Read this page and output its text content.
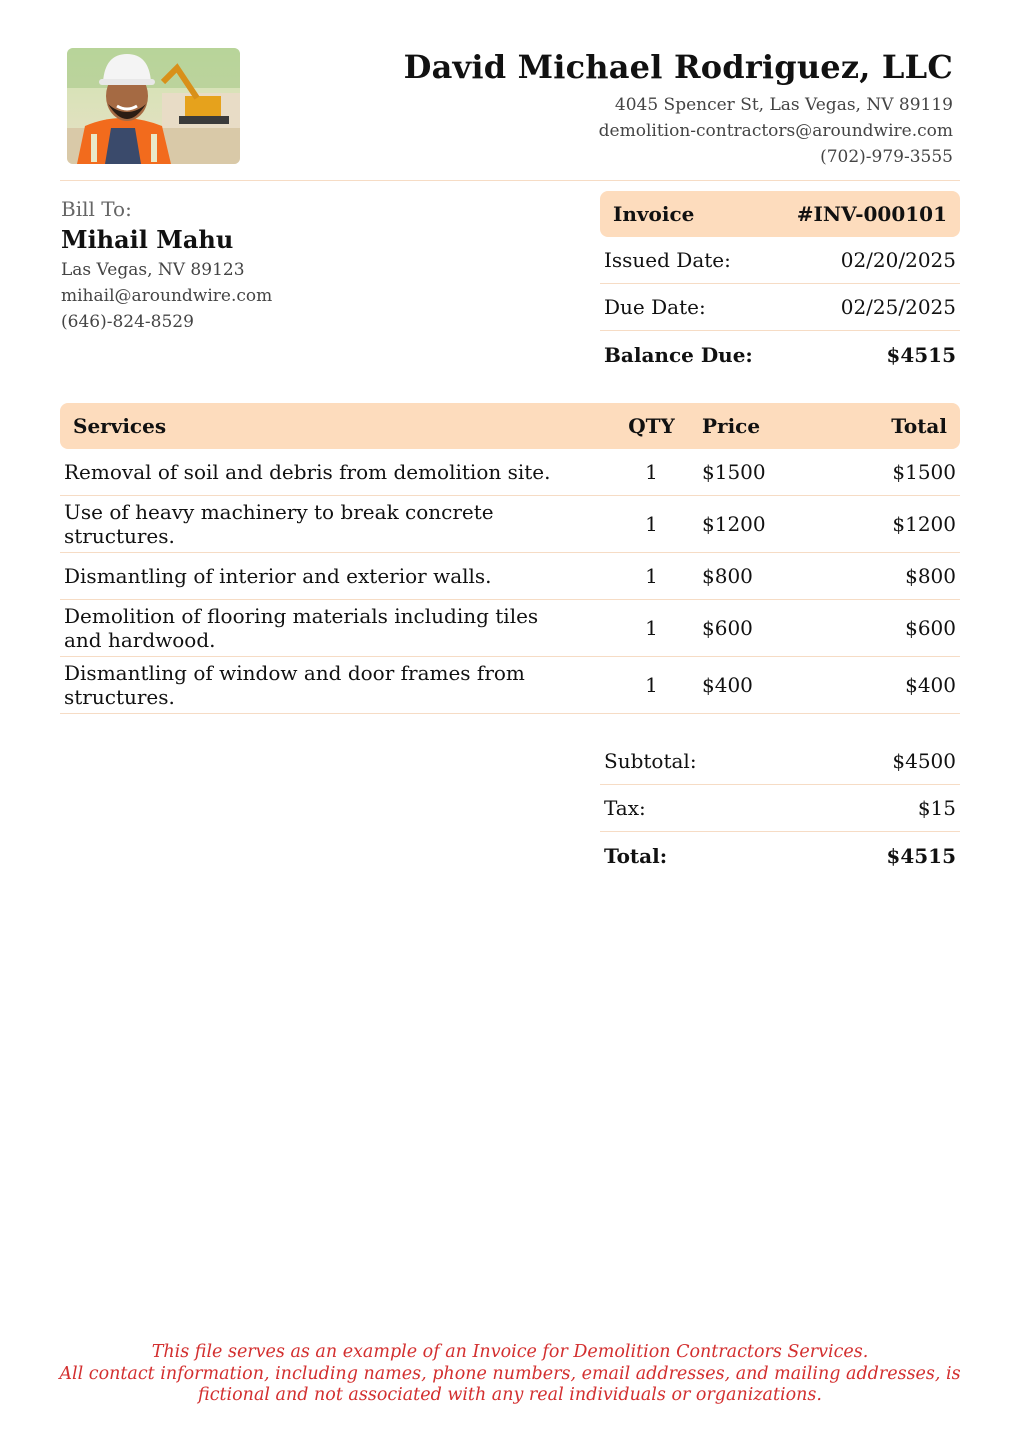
David Michael Rodriguez, LLC
4045 Spencer St, Las Vegas, NV 89119
demolition-contractors@aroundwire.com
(702)-979-3555
Bill To:
Mihail Mahu
Las Vegas, NV 89123
mihail@aroundwire.com
(646)-824-8529
Invoice	#INV-000101
Issued Date:	02/20/2025
Due Date:	02/25/2025
Balance Due:	$4515
Services	QTY	Price	Total
Removal of soil and debris from demolition site.	1	$1500	$1500
Use of heavy machinery to break concrete structures.	1	$1200	$1200
Dismantling of interior and exterior walls.	1	$800	$800
Demolition of flooring materials including tiles and hardwood.	1	$600	$600
Dismantling of window and door frames from structures.	1	$400	$400
Subtotal:	$4500
Tax:	$15
Total:	$4515
This file serves as an example of an Invoice for Demolition Contractors Services.
All contact information, including names, phone numbers, email addresses, and mailing addresses, is fictional and not associated with any real individuals or organizations.
